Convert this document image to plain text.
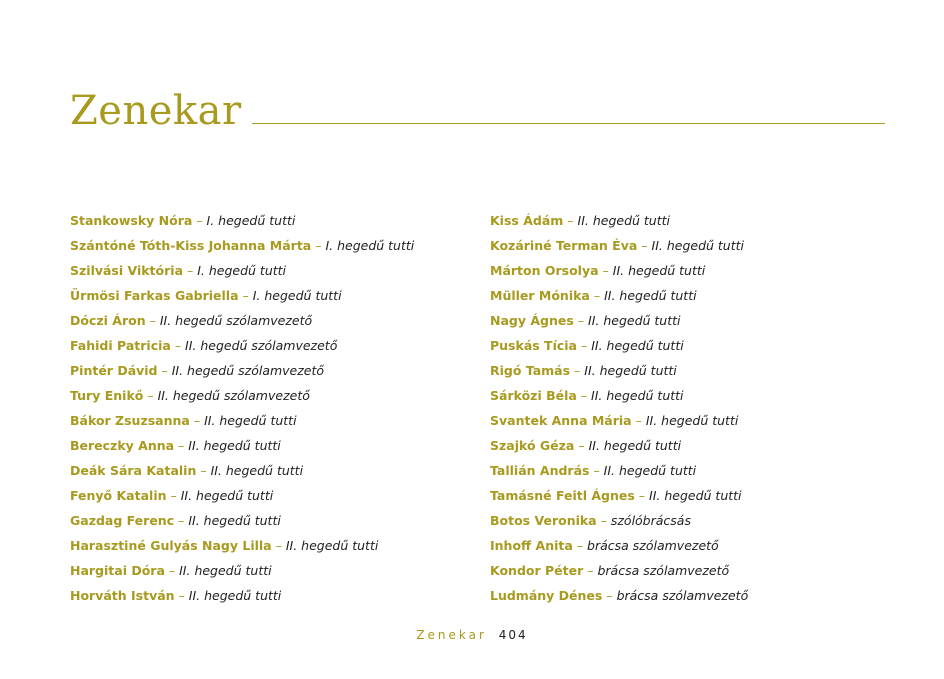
Zenekar
Stankowsky Nóra – I. hegedű tutti
Szántóné Tóth-Kiss Johanna Márta – I. hegedű tutti
Szilvási Viktória – I. hegedű tutti
Ürmösi Farkas Gabriella – I. hegedű tutti
Dóczi Áron – II. hegedű szólamvezető
Fahidi Patricia – II. hegedű szólamvezető
Pintér Dávid – II. hegedű szólamvezető
Tury Enikő – II. hegedű szólamvezető
Bákor Zsuzsanna – II. hegedű tutti
Bereczky Anna – II. hegedű tutti
Deák Sára Katalin – II. hegedű tutti
Fenyő Katalin – II. hegedű tutti
Gazdag Ferenc – II. hegedű tutti
Harasztiné Gulyás Nagy Lilla – II. hegedű tutti
Hargitai Dóra – II. hegedű tutti
Horváth István – II. hegedű tutti
Kiss Ádám – II. hegedű tutti
Kozáriné Terman Éva – II. hegedű tutti
Márton Orsolya – II. hegedű tutti
Müller Mónika – II. hegedű tutti
Nagy Ágnes – II. hegedű tutti
Puskás Tícia – II. hegedű tutti
Rigó Tamás – II. hegedű tutti
Sárközi Béla – II. hegedű tutti
Svantek Anna Mária – II. hegedű tutti
Szajkó Géza – II. hegedű tutti
Tallián András – II. hegedű tutti
Tamásné Feitl Ágnes – II. hegedű tutti
Botos Veronika – szólóbrácsás
Inhoff Anita – brácsa szólamvezető
Kondor Péter – brácsa szólamvezető
Ludmány Dénes – brácsa szólamvezető
Zenekar 404
